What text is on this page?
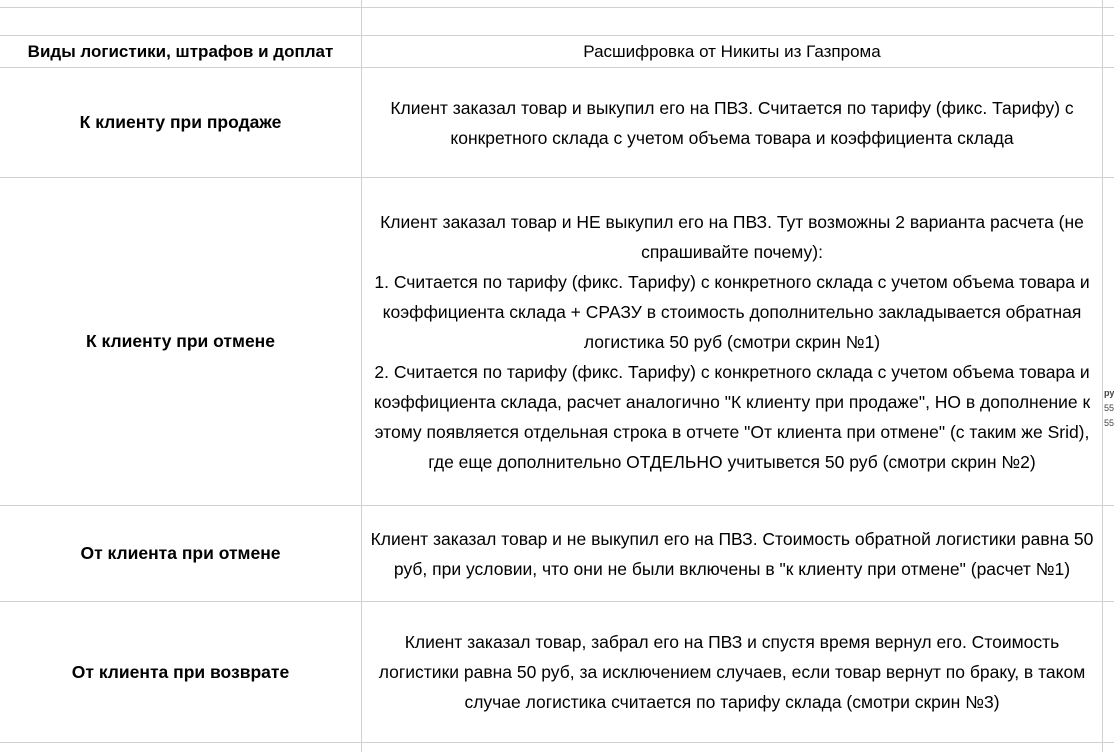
Виды логистики, штрафов и доплат	Расшифровка от Никиты из Газпрома
К клиенту при продаже
Клиент заказал товар и выкупил его на ПВЗ. Считается по тарифу (фикс. Тарифу) с конкретного склада с учетом объема товара и коэффициента склада
К клиенту при отмене
Клиент заказал товар и НЕ выкупил его на ПВЗ. Тут возможны 2 варианта расчета (не спрашивайте почему):
1. Считается по тарифу (фикс. Тарифу) с конкретного склада с учетом объема товара и коэффициента склада + СРАЗУ в стоимость дополнительно закладывается обратная логистика 50 руб (смотри скрин №1)
2. Считается по тарифу (фикс. Тарифу) с конкретного склада с учетом объема товара и коэффициента склада, расчет аналогично "К клиенту при продаже", НО в дополнение к этому появляется отдельная строка в отчете "От клиента при отмене" (с таким же Srid), где еще дополнительно ОТДЕЛЬНО учитывется 50 руб (смотри скрин №2)
От клиента при отмене
Клиент заказал товар и не выкупил его на ПВЗ. Стоимость обратной логистики равна 50 руб, при условии, что они не были включены в "к клиенту при отмене" (расчет №1)
От клиента при возврате
Клиент заказал товар, забрал его на ПВЗ и спустя время вернул его. Стоимость логистики равна 50 руб, за исключением случаев, если товар вернут по браку, в таком случае логистика считается по тарифу склада (смотри скрин №3)
ру
55
55
